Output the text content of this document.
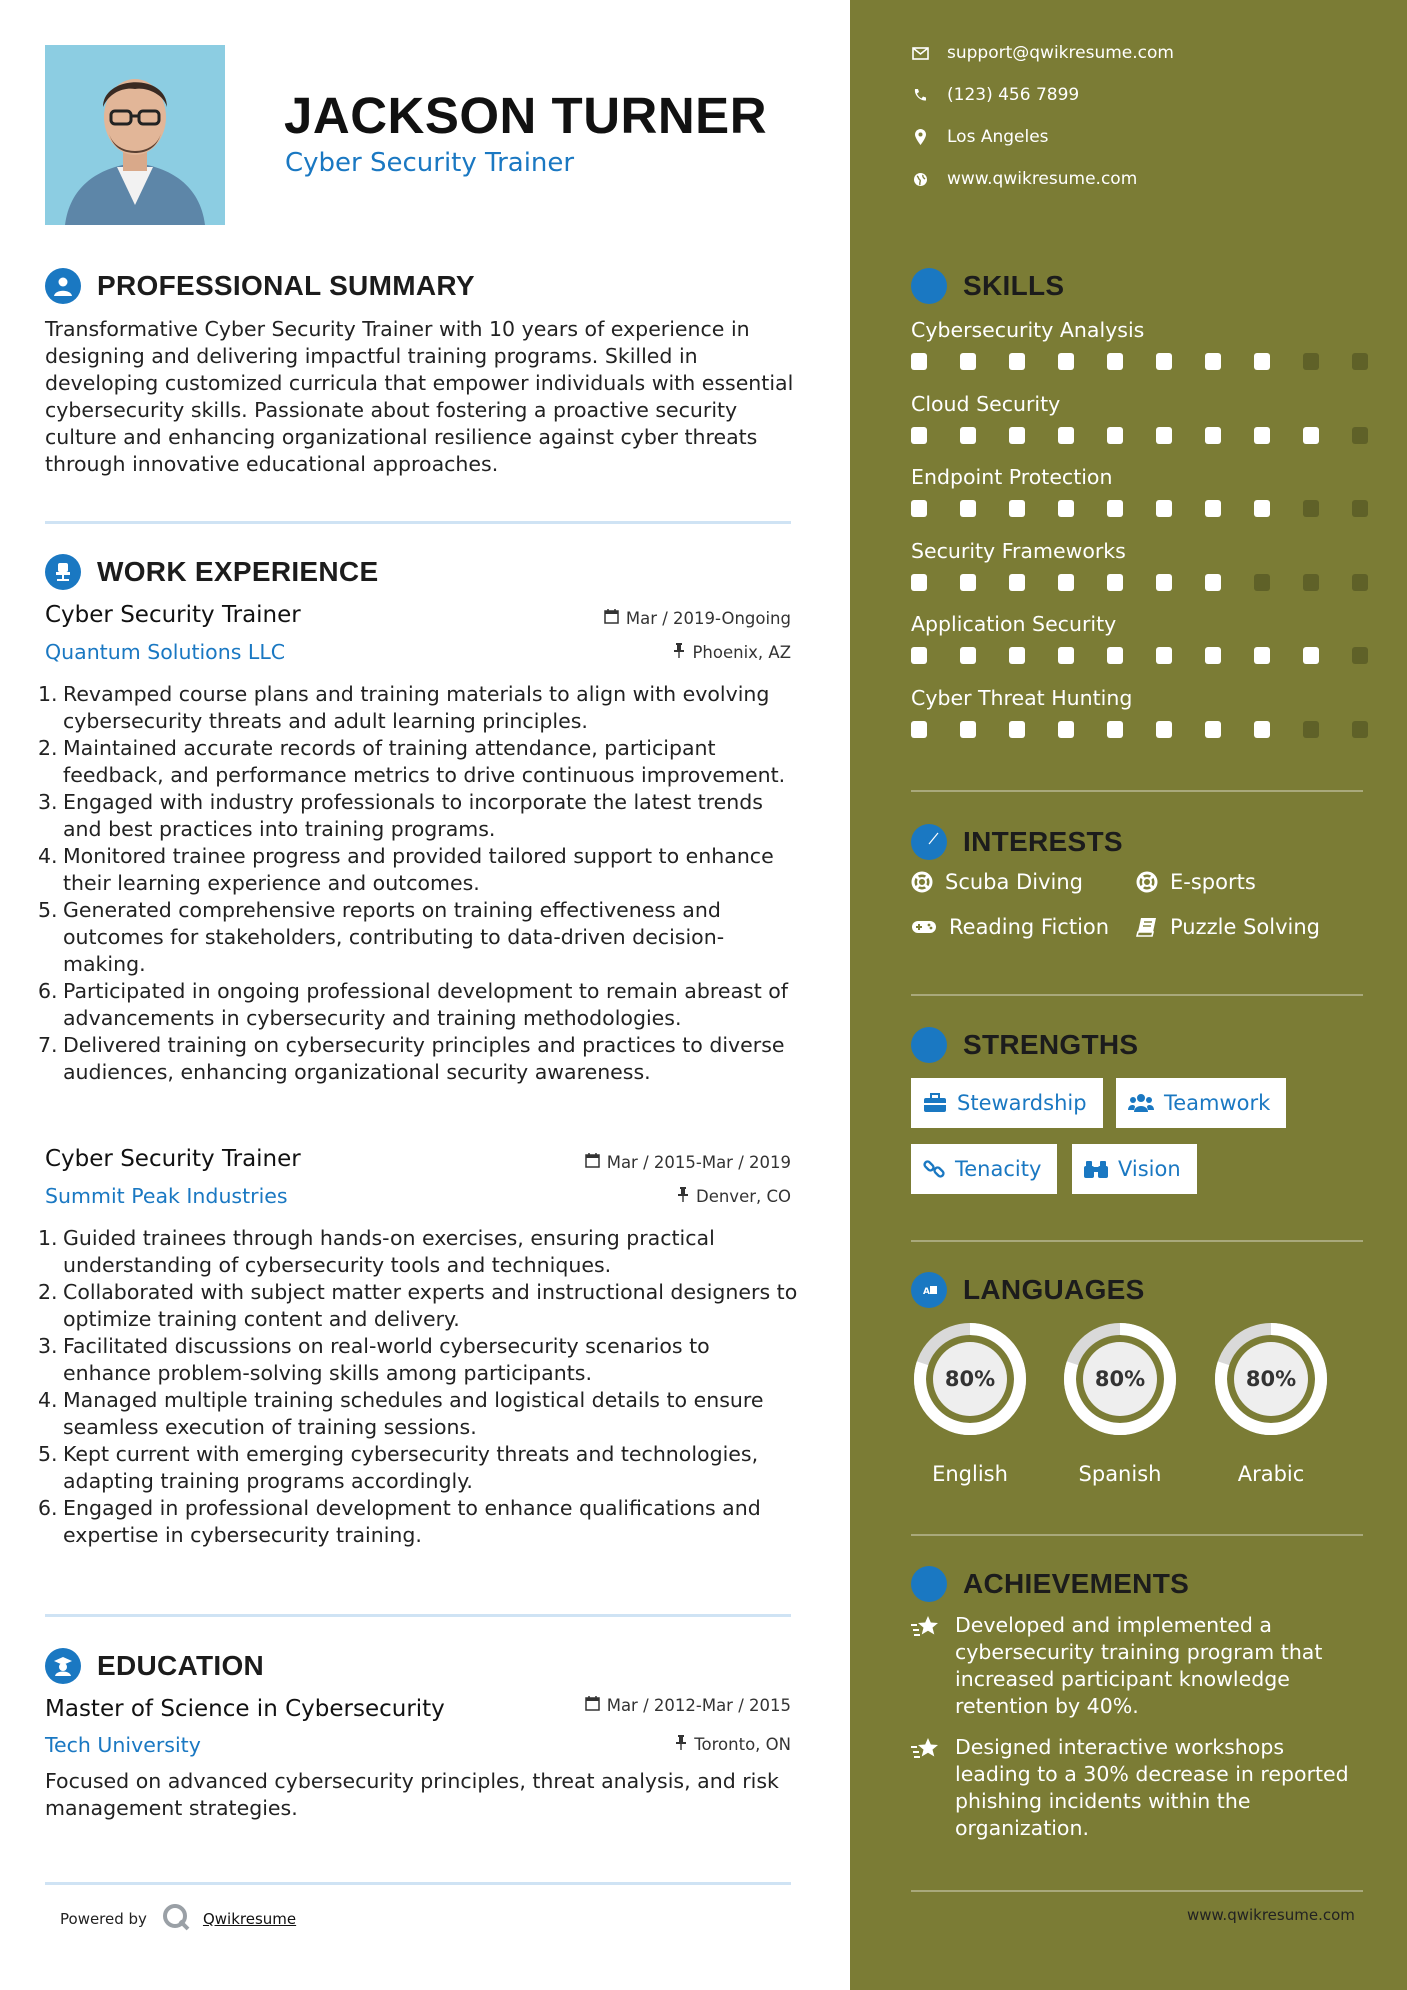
JACKSON TURNER
Cyber Security Trainer
PROFESSIONAL SUMMARY
Transformative Cyber Security Trainer with 10 years of experience in designing and delivering impactful training programs. Skilled in developing customized curricula that empower individuals with essential cybersecurity skills. Passionate about fostering a proactive security culture and enhancing organizational resilience against cyber threats through innovative educational approaches.
WORK EXPERIENCE
Cyber Security Trainer	Mar / 2019-Ongoing
Quantum Solutions LLC	Phoenix, AZ
Revamped course plans and training materials to align with evolving cybersecurity threats and adult learning principles.
Maintained accurate records of training attendance, participant feedback, and performance metrics to drive continuous improvement.
Engaged with industry professionals to incorporate the latest trends and best practices into training programs.
Monitored trainee progress and provided tailored support to enhance their learning experience and outcomes.
Generated comprehensive reports on training effectiveness and outcomes for stakeholders, contributing to data-driven decision-making.
Participated in ongoing professional development to remain abreast of advancements in cybersecurity and training methodologies.
Delivered training on cybersecurity principles and practices to diverse audiences, enhancing organizational security awareness.
Cyber Security Trainer	Mar / 2015-Mar / 2019
Summit Peak Industries	Denver, CO
Guided trainees through hands-on exercises, ensuring practical understanding of cybersecurity tools and techniques.
Collaborated with subject matter experts and instructional designers to optimize training content and delivery.
Facilitated discussions on real-world cybersecurity scenarios to enhance problem-solving skills among participants.
Managed multiple training schedules and logistical details to ensure seamless execution of training sessions.
Kept current with emerging cybersecurity threats and technologies, adapting training programs accordingly.
Engaged in professional development to enhance qualifications and expertise in cybersecurity training.
EDUCATION
Master of Science in Cybersecurity	Mar / 2012-Mar / 2015
Tech University	Toronto, ON
Focused on advanced cybersecurity principles, threat analysis, and risk management strategies.
Powered by	Qwikresume
support@qwikresume.com
(123) 456 7899
Los Angeles
www.qwikresume.com
SKILLS
Cybersecurity Analysis
Cloud Security
Endpoint Protection
Security Frameworks
Application Security
Cyber Threat Hunting
INTERESTS
Scuba Diving	E-sports
Reading Fiction	Puzzle Solving
STRENGTHS
Stewardship	Teamwork
Tenacity	Vision
A LANGUAGES
80%
English
80%
Spanish
80%
Arabic
ACHIEVEMENTS
Developed and implemented a cybersecurity training program that increased participant knowledge retention by 40%.
Designed interactive workshops leading to a 30% decrease in reported phishing incidents within the organization.
www.qwikresume.com
